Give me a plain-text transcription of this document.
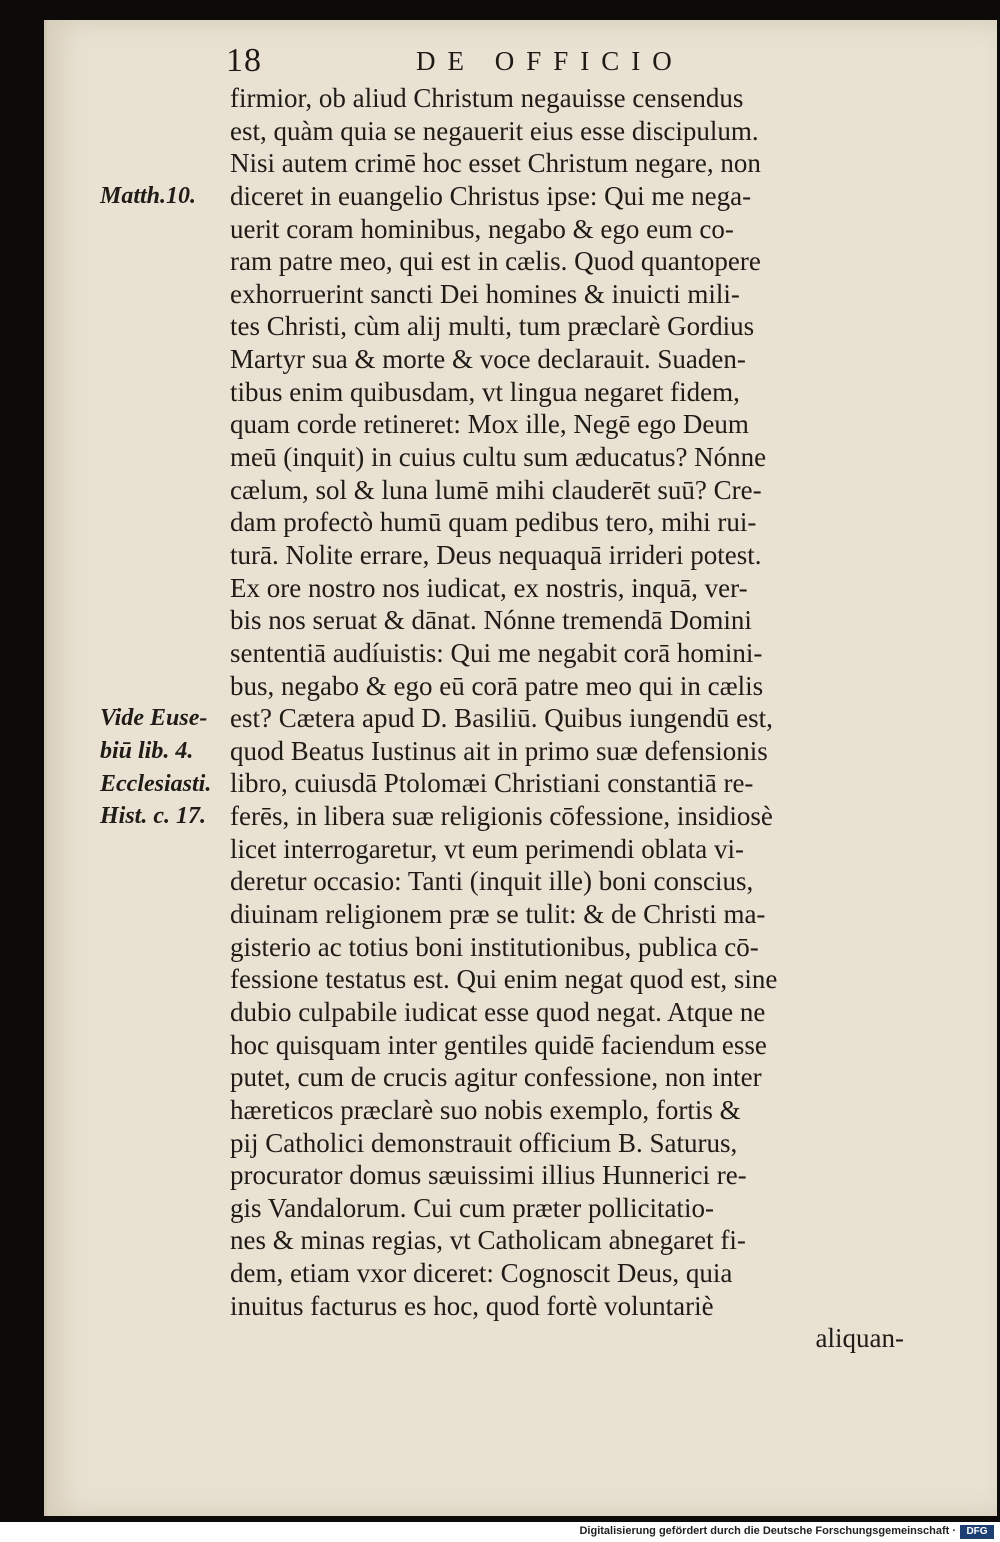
18	DE OFFICIO
firmior, ob aliud Christum negauisse censendus
est, quàm quia se negauerit eius esse discipulum.
Nisi autem crimē hoc esset Christum negare, non
diceret in euangelio Christus ipse: Qui me nega-
uerit coram hominibus, negabo & ego eum co-
ram patre meo, qui est in cælis. Quod quantopere
exhorruerint sancti Dei homines & inuicti mili-
tes Christi, cùm alij multi, tum præclarè Gordius
Martyr sua & morte & voce declarauit. Suaden-
tibus enim quibusdam, vt lingua negaret fidem,
quam corde retineret: Mox ille, Negē ego Deum
meū (inquit) in cuius cultu sum æducatus? Nónne
cælum, sol & luna lumē mihi clauderēt suū? Cre-
dam profectò humū quam pedibus tero, mihi rui-
turā. Nolite errare, Deus nequaquā irrideri potest.
Ex ore nostro nos iudicat, ex nostris, inquā, ver-
bis nos seruat & dānat. Nónne tremendā Domini
sententiā audíuistis: Qui me negabit corā homini-
bus, negabo & ego eū corā patre meo qui in cælis
est? Cætera apud D. Basiliū. Quibus iungendū est,
quod Beatus Iustinus ait in primo suæ defensionis
libro, cuiusdā Ptolomæi Christiani constantiā re-
ferēs, in libera suæ religionis cōfessione, insidiosè
licet interrogaretur, vt eum perimendi oblata vi-
deretur occasio: Tanti (inquit ille) boni conscius,
diuinam religionem præ se tulit: & de Christi ma-
gisterio ac totius boni institutionibus, publica cō-
fessione testatus est. Qui enim negat quod est, sine
dubio culpabile iudicat esse quod negat. Atque ne
hoc quisquam inter gentiles quidē faciendum esse
putet, cum de crucis agitur confessione, non inter
hæreticos præclarè suo nobis exemplo, fortis &
pij Catholici demonstrauit officium B. Saturus,
procurator domus sæuissimi illius Hunnerici re-
gis Vandalorum. Cui cum præter pollicitatio-
nes & minas regias, vt Catholicam abnegaret fi-
dem, etiam vxor diceret: Cognoscit Deus, quia
inuitus facturus es hoc, quod fortè voluntariè
aliquan-
Matth.10.
Vide Euse-
biū lib. 4.
Ecclesiasti.
Hist. c. 17.
Digitalisierung gefördert durch die Deutsche Forschungsgemeinschaft ·	DFG
